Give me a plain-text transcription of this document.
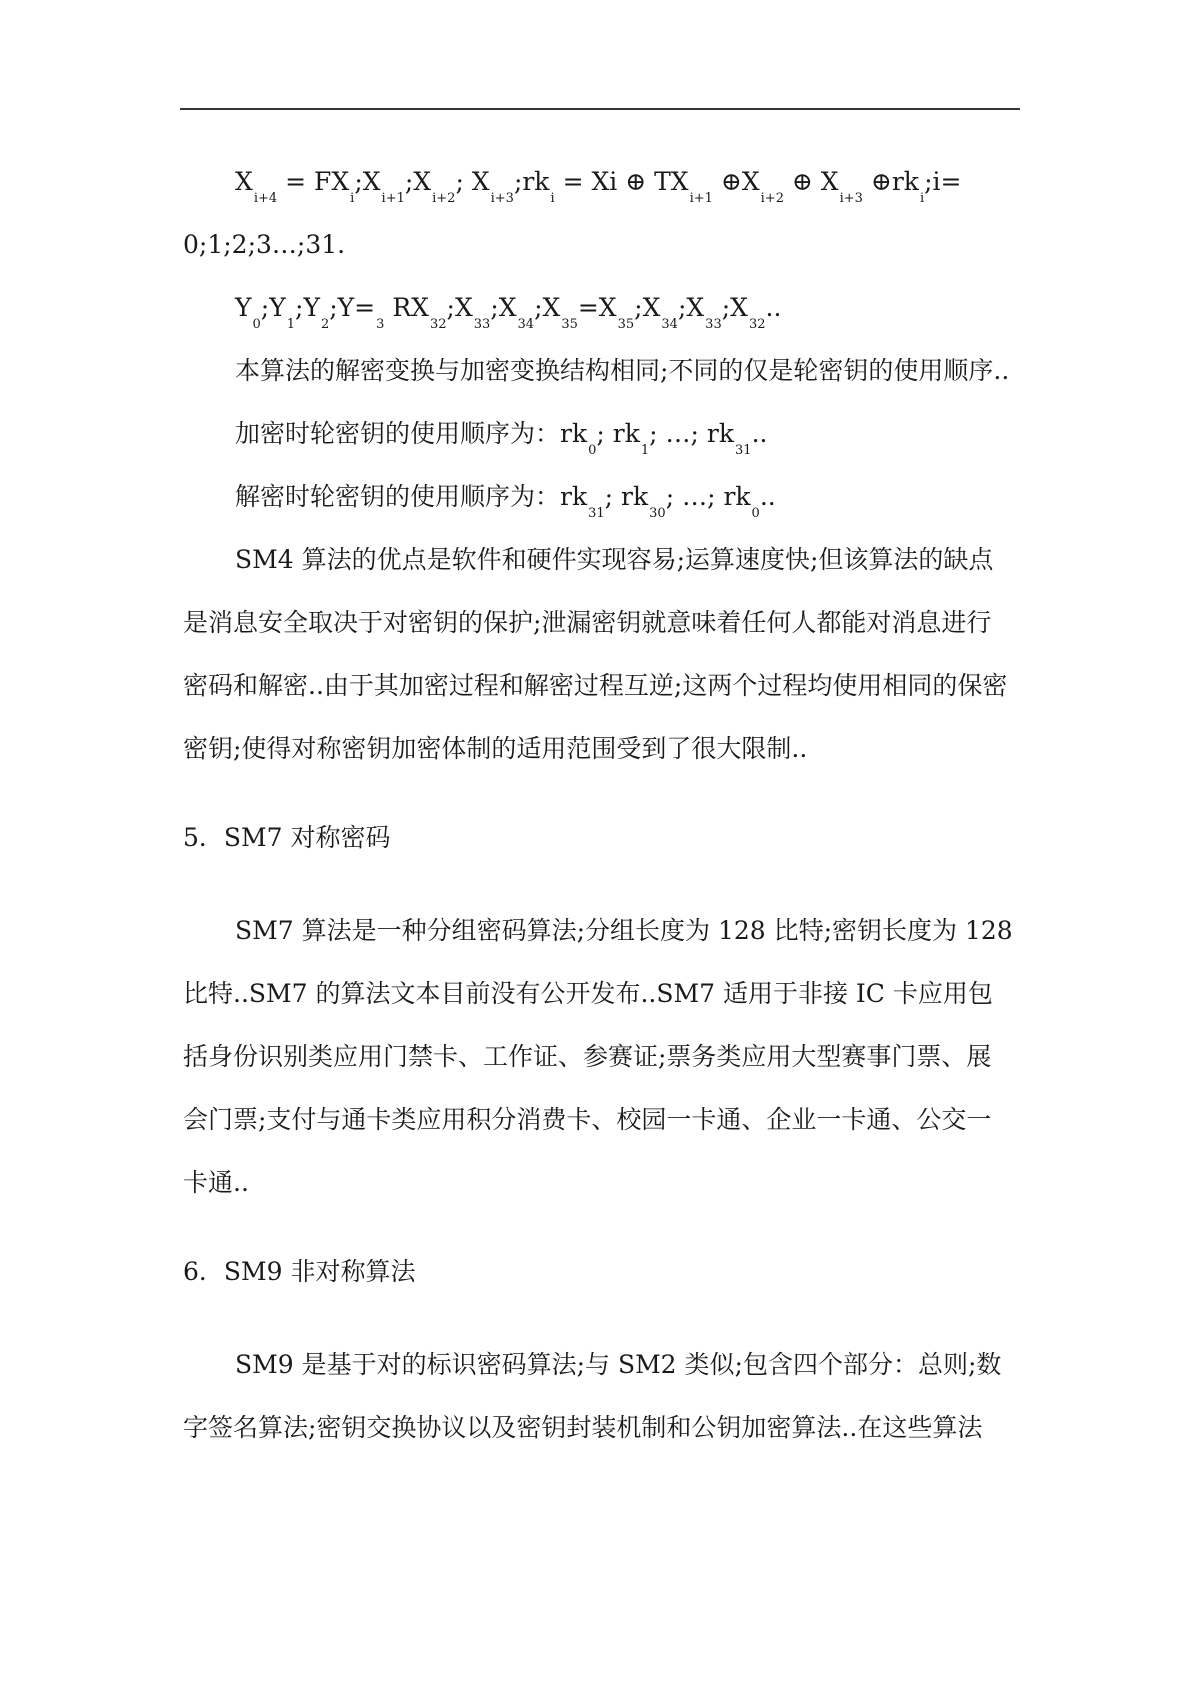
$X_{i+4}$ = $FX_i;X_{i+1};X_{i+2}$; $X_{i+3};rk_i = Xi$ ⊕ $TX_{i+1}$ $\oplus X_{i+2}$ ⊕ $X_{i+3}$ $\oplus rk_i;i=$
0;1;2;3…;31.
$Y_0;Y_1;Y_2;Y=_3$ $RX_{32};X_{33};X_{34};X_{35}=X_{35};X_{34};X_{33};X_{32}$..

本算法的解密变换与加密变换结构相同;不同的仅是轮密钥的使用顺序..

加密时轮密钥的使用顺序为：$rk_0$; $rk_1$; …; $rk_{31}$..
解密时轮密钥的使用顺序为：$rk_{31}$; $rk_{30}$; …; $rk_0$..

SM4 算法的优点是软件和硬件实现容易;运算速度快;但该算法的缺点是消息安全取决于对密钥的保护;泄漏密钥就意味着任何人都能对消息进行密码和解密..由于其加密过程和解密过程互逆;这两个过程均使用相同的保密密钥;使得对称密钥加密体制的适用范围受到了很大限制..

5．SM7 对称密码

SM7 算法是一种分组密码算法;分组长度为 128 比特;密钥长度为 128 比特..SM7 的算法文本目前没有公开发布..SM7 适用于非接 IC 卡应用包括身份识别类应用门禁卡、工作证、参赛证;票务类应用大型赛事门票、展会门票;支付与通卡类应用积分消费卡、校园一卡通、企业一卡通、公交一卡通..

6．SM9 非对称算法

SM9 是基于对的标识密码算法;与 SM2 类似;包含四个部分：总则;数字签名算法;密钥交换协议以及密钥封装机制和公钥加密算法..在这些算法
